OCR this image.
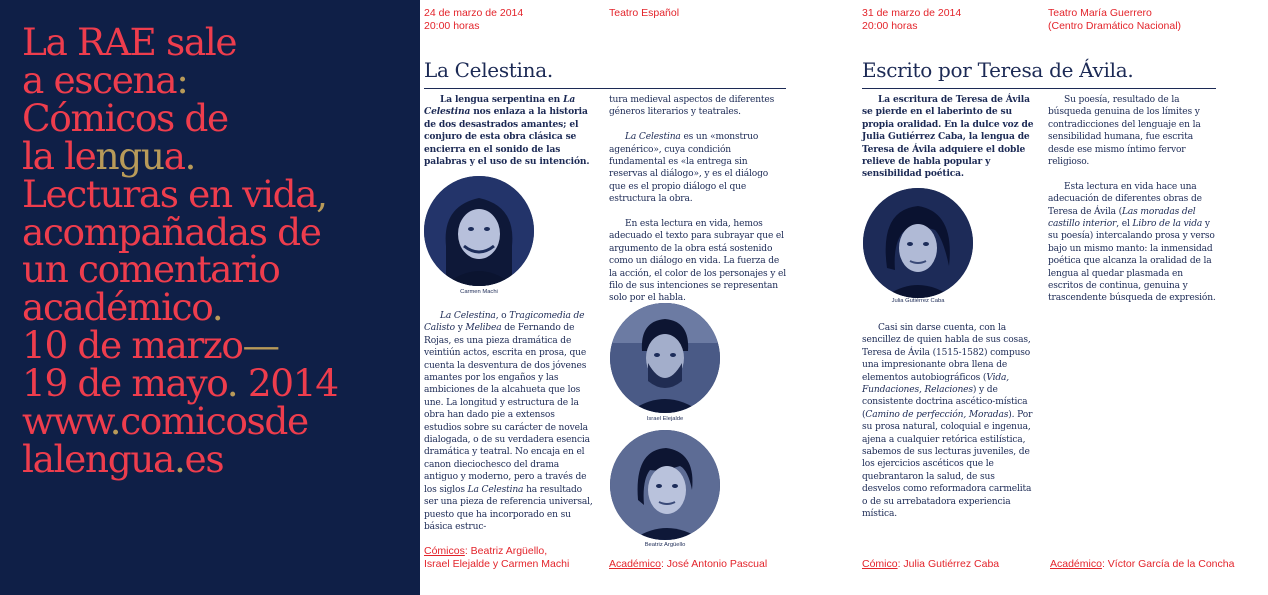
La RAE sale
a escena:
Cómicos de
la lengua.
Lecturas en vida,
acompañadas de
un comentario
académico.
10 de marzo—
19 de mayo. 2014
www.comicosde
lalengua.es
24 de marzo de 2014
20:00 horas
Teatro Español
La Celestina.

La lengua serpentina en La Celestina nos enlaza a la historia de dos desastrados amantes; el conjuro de esta obra clásica se encierra en el sonido de las palabras y el uso de su intención.

Carmen Machi

La Celestina, o Tragicomedia de Calisto y Melibea de Fernando de Rojas, es una pieza dramática de veintiún actos, escrita en prosa, que cuenta la desventura de dos jóvenes amantes por los engaños y las ambiciones de la alcahueta que los une. La longitud y estructura de la obra han dado pie a extensos estudios sobre su carácter de novela dialogada, o de su verdadera esencia dramática y teatral. No encaja en el canon dieciochesco del drama antiguo y moderno, pero a través de los siglos La Celestina ha resultado ser una pieza de referencia universal, puesto que ha incorporado en su básica estruc-

tura medieval aspectos de diferentes géneros literarios y teatrales.

La Celestina es un «monstruo agenérico», cuya condición fundamental es «la entrega sin reservas al diálogo», y es el diálogo que es el propio diálogo el que estructura la obra.

En esta lectura en vida, hemos adecuado el texto para subrayar que el argumento de la obra está sostenido como un diálogo en vida. La fuerza de la acción, el color de los personajes y el filo de sus intenciones se representan solo por el habla.

Israel Elejalde
Beatriz Argüello
Cómicos: Beatriz Argüello,
Israel Elejalde y Carmen Machi	Académico: José Antonio Pascual
31 de marzo de 2014
20:00 horas
Teatro María Guerrero
(Centro Dramático Nacional)
Escrito por Teresa de Ávila.

La escritura de Teresa de Ávila se pierde en el laberinto de su propia oralidad. En la dulce voz de Julia Gutiérrez Caba, la lengua de Teresa de Ávila adquiere el doble relieve de habla popular y sensibilidad poética.

Julia Gutiérrez Caba

Casi sin darse cuenta, con la sencillez de quien habla de sus cosas, Teresa de Ávila (1515-1582) compuso una impresionante obra llena de elementos autobiográficos (Vida, Fundaciones, Relaciones) y de consistente doctrina ascético-mística (Camino de perfección, Moradas). Por su prosa natural, coloquial e ingenua, ajena a cualquier retórica estilística, sabemos de sus lecturas juveniles, de los ejercicios ascéticos que le quebrantaron la salud, de sus desvelos como reformadora carmelita o de su arrebatadora experiencia mística.

Su poesía, resultado de la búsqueda genuina de los límites y contradicciones del lenguaje en la sensibilidad humana, fue escrita desde ese mismo íntimo fervor religioso.

Esta lectura en vida hace una adecuación de diferentes obras de Teresa de Ávila (Las moradas del castillo interior, el Libro de la vida y su poesía) intercalando prosa y verso bajo un mismo manto: la inmensidad poética que alcanza la oralidad de la lengua al quedar plasmada en escritos de continua, genuina y trascendente búsqueda de expresión.

Cómico: Julia Gutiérrez Caba	Académico: Víctor García de la Concha
